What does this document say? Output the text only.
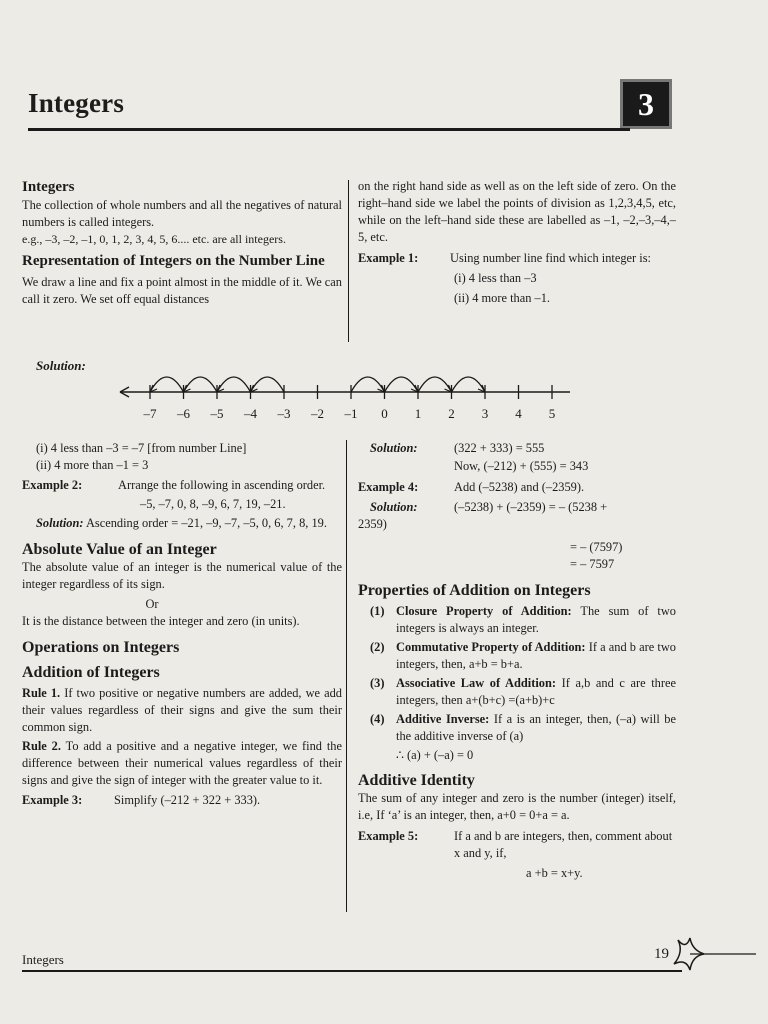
Integers	3

Integers

The collection of whole numbers and all the negatives of natural numbers is called integers.

e.g., –3, –2, –1, 0, 1, 2, 3, 4, 5, 6.... etc. are all integers.

Representation of Integers on the Number Line

We draw a line and fix a point almost in the middle of it. We can call it zero. We set off equal distances

on the right hand side as well as on the left side of zero. On the right–hand side we label the points of division as 1,2,3,4,5, etc, while on the left–hand side these are labelled as –1, –2,–3,–4,–5, etc.

Example 1:	Using number line find which integer is:

(i) 4 less than –3

(ii) 4 more than –1.

Solution:

–7 –6 –5 –4 –3 –2 –1 0 1 2 3 4 5

(i) 4 less than –3 = –7 [from number Line]

(ii) 4 more than –1 = 3

Example 2:	Arrange the following in ascending order.

–5, –7, 0, 8, –9, 6, 7, 19, –21.

Solution: Ascending order = –21, –9, –7, –5, 0, 6, 7, 8, 19.

Absolute Value of an Integer

The absolute value of an integer is the numerical value of the integer regardless of its sign.

Or

It is the distance between the integer and zero (in units).

Operations on Integers

Addition of Integers

Rule 1. If two positive or negative numbers are added, we add their values regardless of their signs and give the sum their common sign.

Rule 2. To add a positive and a negative integer, we find the difference between their numerical values regardless of their signs and give the sign of integer with the greater value to it.

Example 3:	Simplify (–212 + 322 + 333).
Solution:	(322 + 333) = 555

Now, (–212) + (555) = 343

Example 4:	Add (–5238) and (–2359).
Solution:	(–5238) + (–2359) = – (5238 +

2359)

= – (7597)

= – 7597

Properties of Addition on Integers

(1) Closure Property of Addition: The sum of two integers is always an integer.
(2) Commutative Property of Addition: If a and b are two integers, then, a+b = b+a.
(3) Associative Law of Addition: If a,b and c are three integers, then a+(b+c) =(a+b)+c
(4) Additive Inverse: If a is an integer, then, (–a) will be the additive inverse of (a)

∴ (a) + (–a) = 0

Additive Identity

The sum of any integer and zero is the number (integer) itself, i.e, If ‘a’ is an integer, then, a+0 = 0+a = a.

Example 5:	If a and b are integers, then, comment about x and y, if,

a +b = x+y.

Integers	19
